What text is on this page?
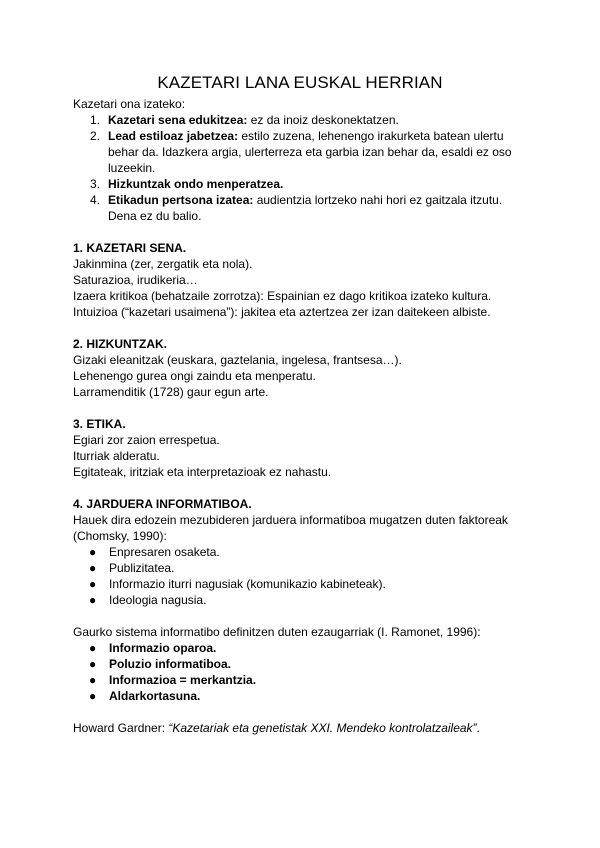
KAZETARI LANA EUSKAL HERRIAN

Kazetari ona izateko:

1. Kazetari sena edukitzea: ez da inoiz deskonektatzen.
2. Lead estiloaz jabetzea: estilo zuzena, lehenengo irakurketa batean ulertu behar da. Idazkera argia, ulerterreza eta garbia izan behar da, esaldi ez oso luzeekin.
3. Hizkuntzak ondo menperatzea.
4. Etikadun pertsona izatea: audientzia lortzeko nahi hori ez gaitzala itzutu. Dena ez du balio.

1. KAZETARI SENA.

Jakinmina (zer, zergatik eta nola).

Saturazioa, irudikeria…

Izaera kritikoa (behatzaile zorrotza): Espainian ez dago kritikoa izateko kultura.

Intuizioa (“kazetari usaimena”): jakitea eta aztertzea zer izan daitekeen albiste.

2. HIZKUNTZAK.

Gizaki eleanitzak (euskara, gaztelania, ingelesa, frantsesa…).

Lehenengo gurea ongi zaindu eta menperatu.

Larramenditik (1728) gaur egun arte.

3. ETIKA.

Egiari zor zaion errespetua.

Iturriak alderatu.

Egitateak, iritziak eta interpretazioak ez nahastu.

4. JARDUERA INFORMATIBOA.

Hauek dira edozein mezubideren jarduera informatiboa mugatzen duten faktoreak (Chomsky, 1990):

● Enpresaren osaketa.
● Publizitatea.
● Informazio iturri nagusiak (komunikazio kabineteak).
● Ideologia nagusia.

Gaurko sistema informatibo definitzen duten ezaugarriak (I. Ramonet, 1996):

● Informazio oparoa.
● Poluzio informatiboa.
● Informazioa = merkantzia.
● Aldarkortasuna.

Howard Gardner: “Kazetariak eta genetistak XXI. Mendeko kontrolatzaileak”.
